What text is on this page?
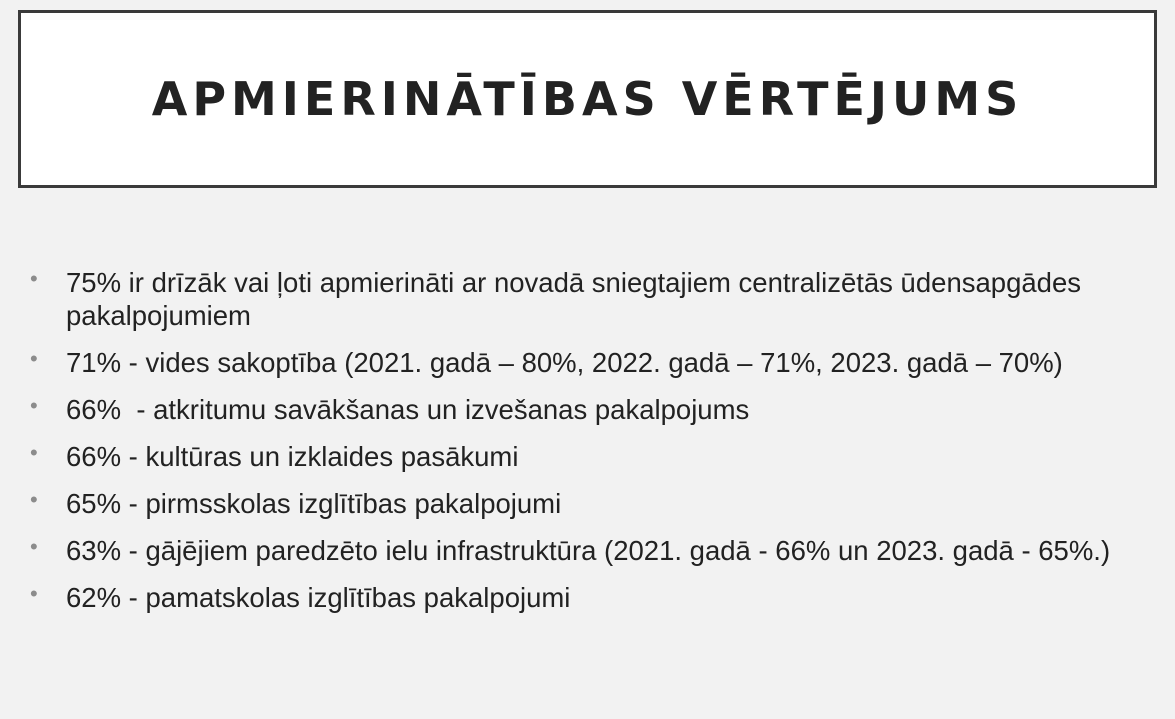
APMIERINĀTĪBAS VĒRTĒJUMS
• 75% ir drīzāk vai ļoti apmierināti ar novadā sniegtajiem centralizētās ūdensapgādes pakalpojumiem
• 71% - vides sakoptība (2021. gadā – 80%, 2022. gadā – 71%, 2023. gadā – 70%)
• 66%  - atkritumu savākšanas un izvešanas pakalpojums
• 66% - kultūras un izklaides pasākumi
• 65% - pirmsskolas izglītības pakalpojumi
• 63% - gājējiem paredzēto ielu infrastruktūra (2021. gadā - 66% un 2023. gadā - 65%.)
• 62% - pamatskolas izglītības pakalpojumi
